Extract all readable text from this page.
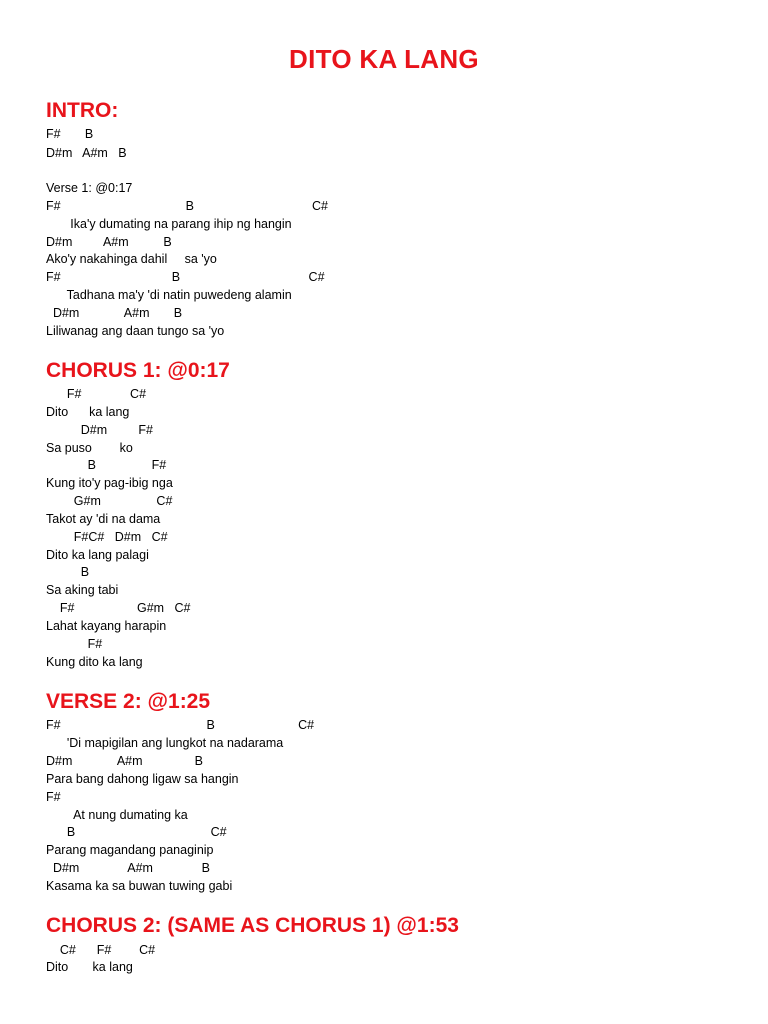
DITO KA LANG
INTRO:
F#       B
D#m   A#m   B
Verse 1: @0:17
F#                                    B                                  C#
Ika'y dumating na parang ihip ng hangin
D#m         A#m          B
Ako'y nakahinga dahil     sa 'yo
F#                                B                                     C#
Tadhana ma'y 'di natin puwedeng alamin
D#m             A#m       B
Liliwanag ang daan tungo sa 'yo
CHORUS 1: @0:17
F#              C#
Dito      ka lang
D#m         F#
Sa puso        ko
B                F#
Kung ito'y pag-ibig nga
G#m                C#
Takot ay 'di na dama
F#C#   D#m   C#
Dito ka lang palagi
B
Sa aking tabi
F#                  G#m   C#
Lahat kayang harapin
F#
Kung dito ka lang
VERSE 2: @1:25
F#                                          B                        C#
'Di mapigilan ang lungkot na nadarama
D#m             A#m               B
Para bang dahong ligaw sa hangin
F#
At nung dumating ka
B                                       C#
Parang magandang panaginip
D#m              A#m              B
Kasama ka sa buwan tuwing gabi
CHORUS 2: (SAME AS CHORUS 1) @1:53
C#      F#        C#
Dito       ka lang
